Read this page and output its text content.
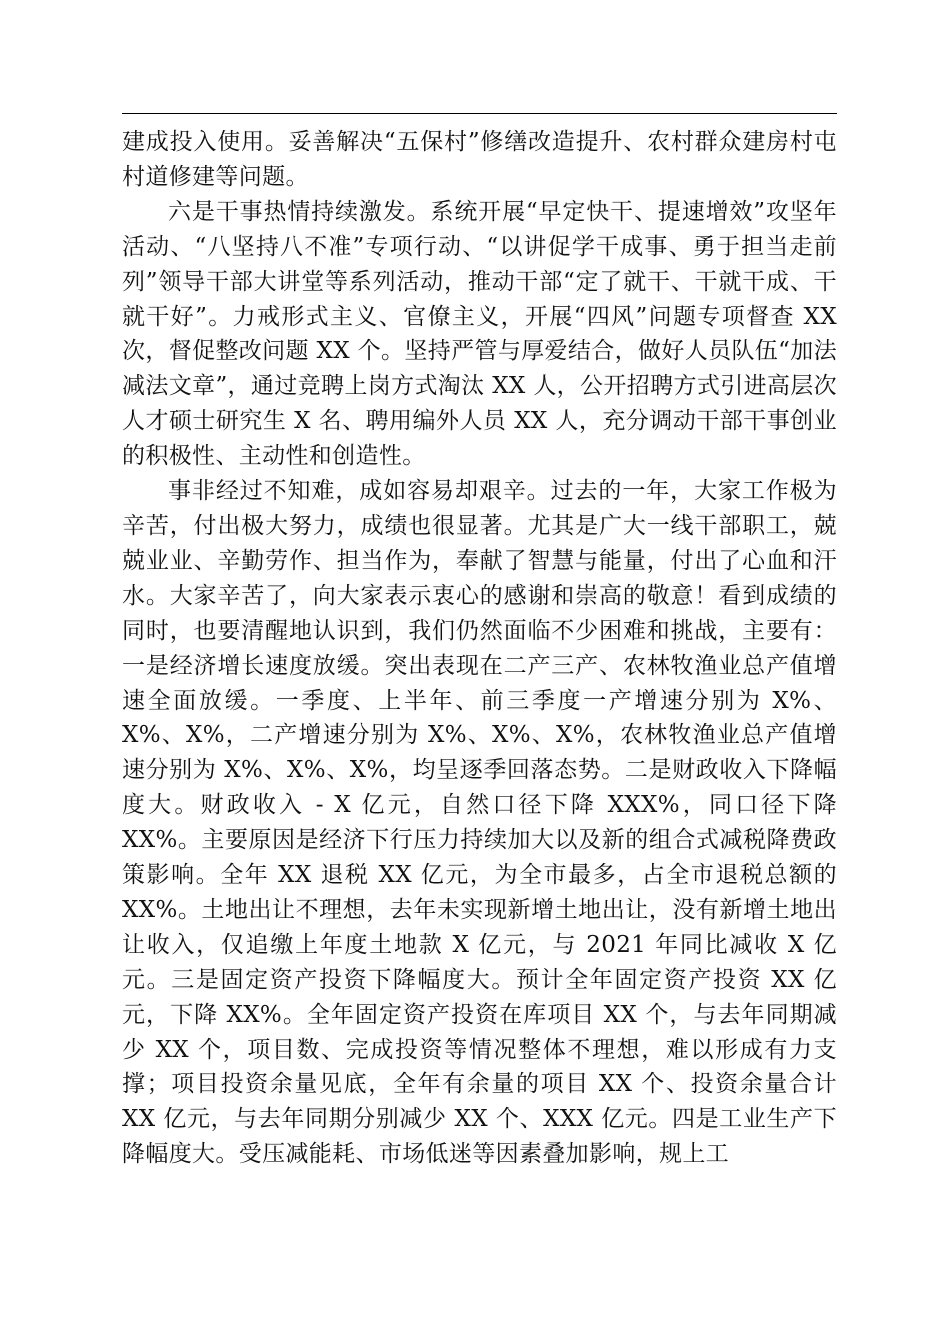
建成投入使用。妥善解决“五保村”修缮改造提升、农村群众建房村屯村道修建等问题。

六是干事热情持续激发。系统开展“早定快干、提速增效”攻坚年活动、“八坚持八不准”专项行动、“以讲促学干成事、勇于担当走前列”领导干部大讲堂等系列活动，推动干部“定了就干、干就干成、干就干好”。力戒形式主义、官僚主义，开展“四风”问题专项督查 XX 次，督促整改问题 XX 个。坚持严管与厚爱结合，做好人员队伍“加法减法文章”，通过竞聘上岗方式淘汰 XX 人，公开招聘方式引进高层次人才硕士研究生 X 名、聘用编外人员 XX 人，充分调动干部干事创业的积极性、主动性和创造性。

事非经过不知难，成如容易却艰辛。过去的一年，大家工作极为辛苦，付出极大努力，成绩也很显著。尤其是广大一线干部职工，兢兢业业、辛勤劳作、担当作为，奉献了智慧与能量，付出了心血和汗水。大家辛苦了，向大家表示衷心的感谢和崇高的敬意！看到成绩的同时，也要清醒地认识到，我们仍然面临不少困难和挑战，主要有：一是经济增长速度放缓。突出表现在二产三产、农林牧渔业总产值增速全面放缓。一季度、上半年、前三季度一产增速分别为 X%、X%、X%，二产增速分别为 X%、X%、X%，农林牧渔业总产值增速分别为 X%、X%、X%，均呈逐季回落态势。二是财政收入下降幅度大。财政收入 - X 亿元，自然口径下降 XXX%，同口径下降 XX%。主要原因是经济下行压力持续加大以及新的组合式减税降费政策影响。全年 XX 退税 XX 亿元，为全市最多，占全市退税总额的 XX%。土地出让不理想，去年未实现新增土地出让，没有新增土地出让收入，仅追缴上年度土地款 X 亿元，与 2021 年同比减收 X 亿元。三是固定资产投资下降幅度大。预计全年固定资产投资 XX 亿元，下降 XX%。全年固定资产投资在库项目 XX 个，与去年同期减少 XX 个，项目数、完成投资等情况整体不理想，难以形成有力支撑；项目投资余量见底，全年有余量的项目 XX 个、投资余量合计 XX 亿元，与去年同期分别减少 XX 个、XXX 亿元。四是工业生产下降幅度大。受压减能耗、市场低迷等因素叠加影响，规上工
